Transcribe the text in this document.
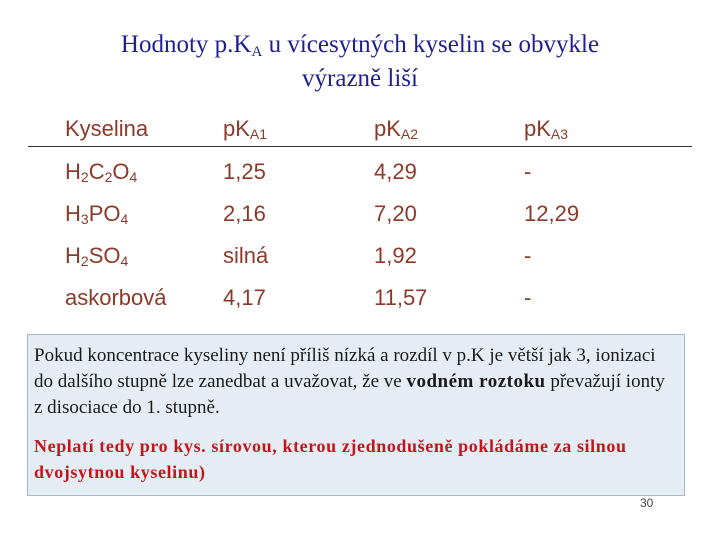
Hodnoty $p.K_A$ u vícesytných kyselin se obvykle
výrazně liší
Kyselina	$pK_{A1}$	$pK_{A2}$	$pK_{A3}$
$H_2C_2O_4$	1,25	4,29	-
$H_3PO_4$	2,16	7,20	12,29
$H_2SO_4$	silná	1,92	-
askorbová	4,17	11,57	-

Pokud koncentrace kyseliny není příliš nízká a rozdíl v p.K je větší jak 3, ionizaci do dalšího stupně lze zanedbat a uvažovat, že ve vodném roztoku převažují ionty z disociace do 1. stupně.

Neplatí tedy pro kys. sírovou, kterou zjednodušeně pokládáme za silnou dvojsytnou kyselinu)

30
